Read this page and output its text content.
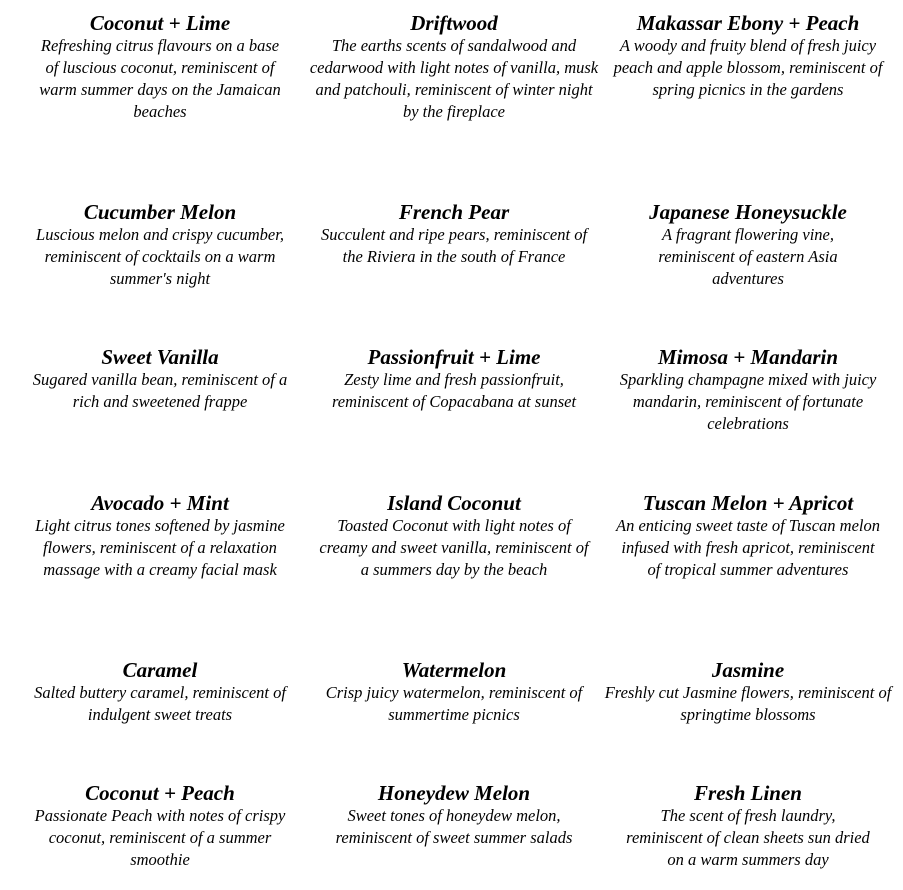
Coconut + Lime
Refreshing citrus flavours on a base of luscious coconut, reminiscent of warm summer days on the Jamaican beaches
Driftwood
The earths scents of sandalwood and cedarwood with light notes of vanilla, musk and patchouli, reminiscent of winter night by the fireplace
Makassar Ebony + Peach
A woody and fruity blend of fresh juicy peach and apple blossom, reminiscent of spring picnics in the gardens
Cucumber Melon
Luscious melon and crispy cucumber, reminiscent of cocktails on a warm summer's night
French Pear
Succulent and ripe pears, reminiscent of the Riviera in the south of France
Japanese Honeysuckle
A fragrant flowering vine, reminiscent of eastern Asia adventures
Sweet Vanilla
Sugared vanilla bean, reminiscent of a rich and sweetened frappe
Passionfruit + Lime
Zesty lime and fresh passionfruit, reminiscent of Copacabana at sunset
Mimosa + Mandarin
Sparkling champagne mixed with juicy mandarin, reminiscent of fortunate celebrations
Avocado + Mint
Light citrus tones softened by jasmine flowers, reminiscent of a relaxation massage with a creamy facial mask
Island Coconut
Toasted Coconut with light notes of creamy and sweet vanilla, reminiscent of a summers day by the beach
Tuscan Melon + Apricot
An enticing sweet taste of Tuscan melon infused with fresh apricot, reminiscent of tropical summer adventures
Caramel
Salted buttery caramel, reminiscent of indulgent sweet treats
Watermelon
Crisp juicy watermelon, reminiscent of summertime picnics
Jasmine
Freshly cut Jasmine flowers, reminiscent of springtime blossoms
Coconut + Peach
Passionate Peach with notes of crispy coconut, reminiscent of a summer smoothie
Honeydew Melon
Sweet tones of honeydew melon, reminiscent of sweet summer salads
Fresh Linen
The scent of fresh laundry, reminiscent of clean sheets sun dried on a warm summers day
